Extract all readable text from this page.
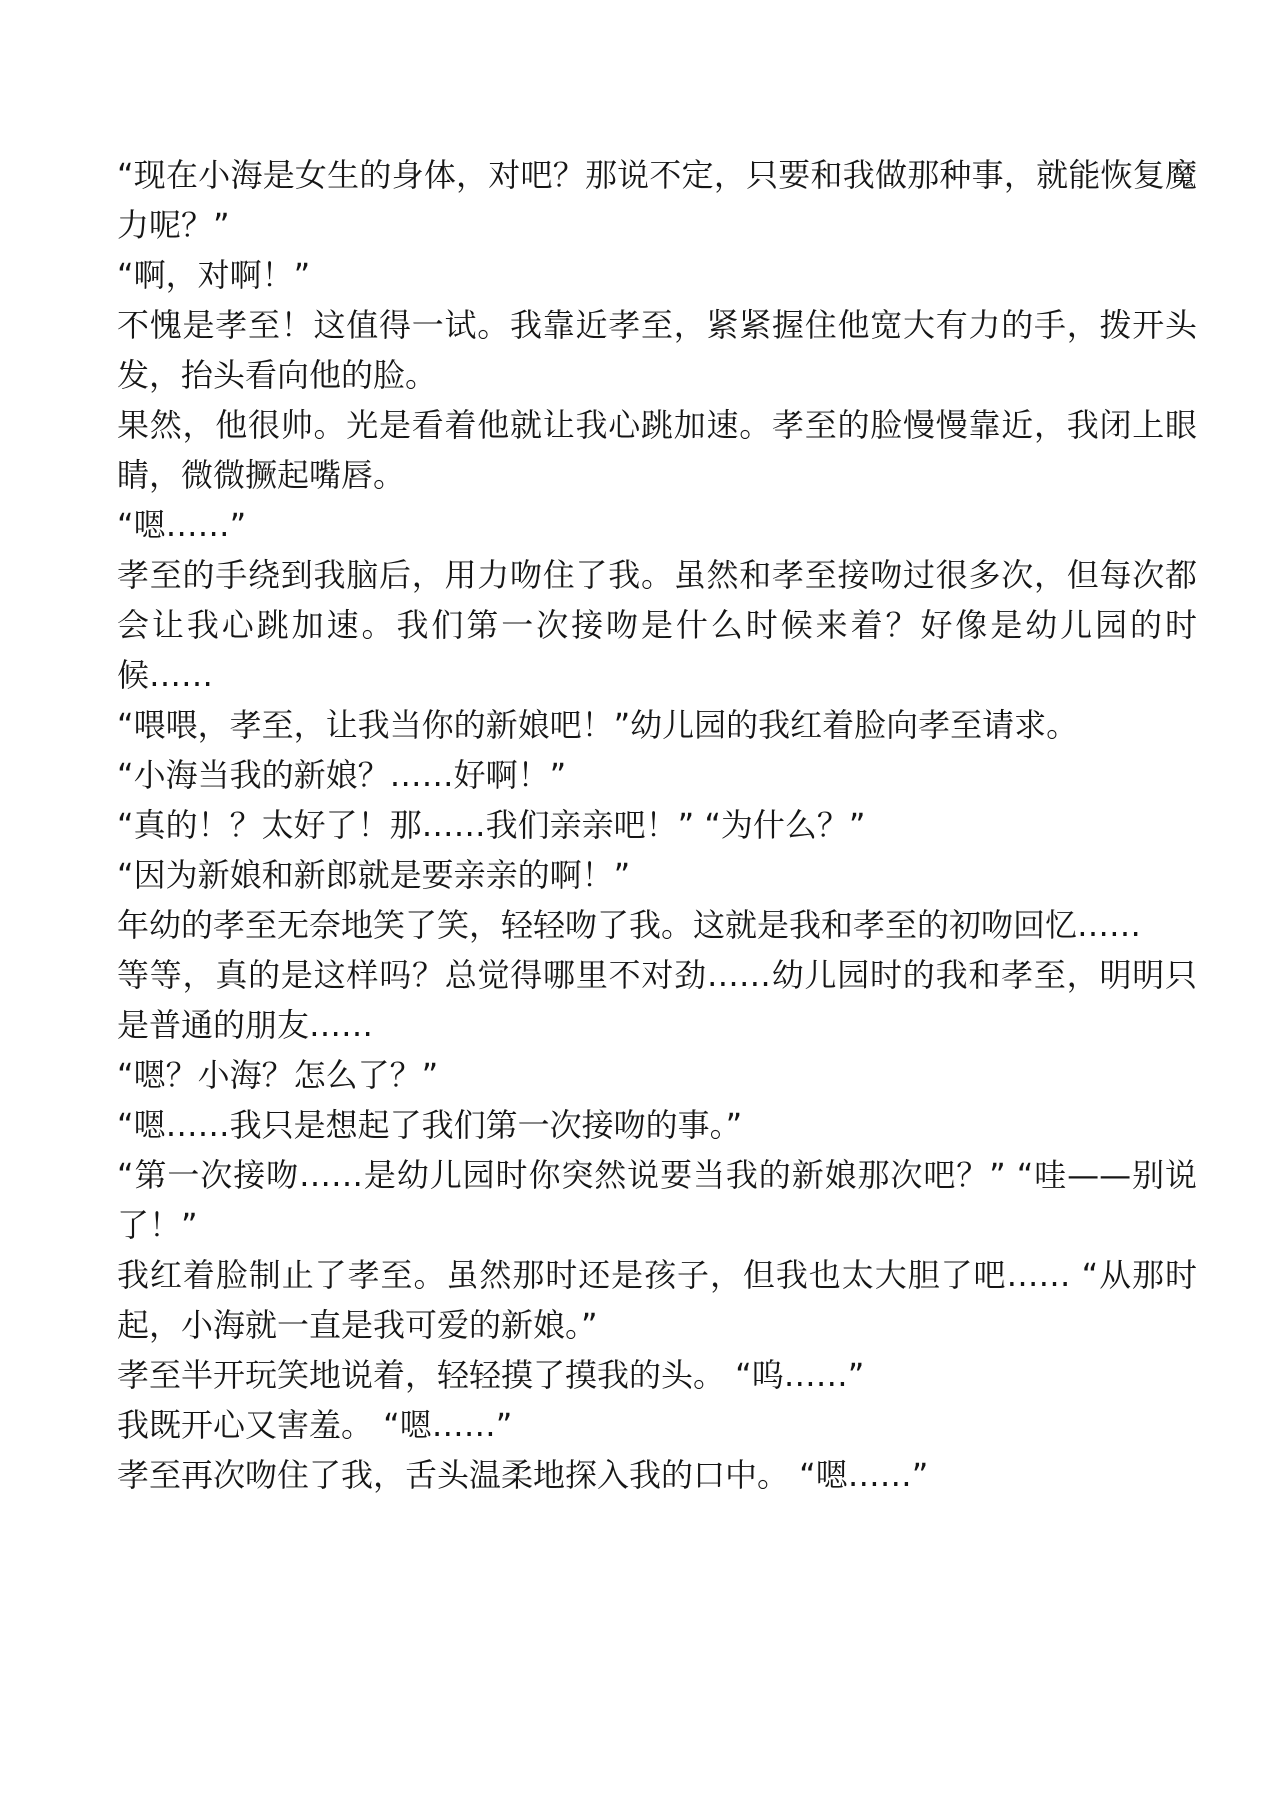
“现在小海是女生的身体，对吧？那说不定，只要和我做那种事，就能恢复魔力呢？”

“啊，对啊！”

不愧是孝至！这值得一试。我靠近孝至，紧紧握住他宽大有力的手，拨开头发，抬头看向他的脸。

果然，他很帅。光是看着他就让我心跳加速。孝至的脸慢慢靠近，我闭上眼睛，微微撅起嘴唇。

“嗯……”

孝至的手绕到我脑后，用力吻住了我。虽然和孝至接吻过很多次，但每次都会让我心跳加速。我们第一次接吻是什么时候来着？好像是幼儿园的时候……

“喂喂，孝至，让我当你的新娘吧！”幼儿园的我红着脸向孝至请求。

“小海当我的新娘？……好啊！”

“真的！？太好了！那……我们亲亲吧！” “为什么？”

“因为新娘和新郎就是要亲亲的啊！”

年幼的孝至无奈地笑了笑，轻轻吻了我。这就是我和孝至的初吻回忆……

等等，真的是这样吗？总觉得哪里不对劲……幼儿园时的我和孝至，明明只是普通的朋友……

“嗯？小海？怎么了？”

“嗯……我只是想起了我们第一次接吻的事。”

“第一次接吻……是幼儿园时你突然说要当我的新娘那次吧？” “哇——别说了！”

我红着脸制止了孝至。虽然那时还是孩子，但我也太大胆了吧…… “从那时起，小海就一直是我可爱的新娘。”

孝至半开玩笑地说着，轻轻摸了摸我的头。 “呜……”

我既开心又害羞。 “嗯……”

孝至再次吻住了我，舌头温柔地探入我的口中。 “嗯……”
